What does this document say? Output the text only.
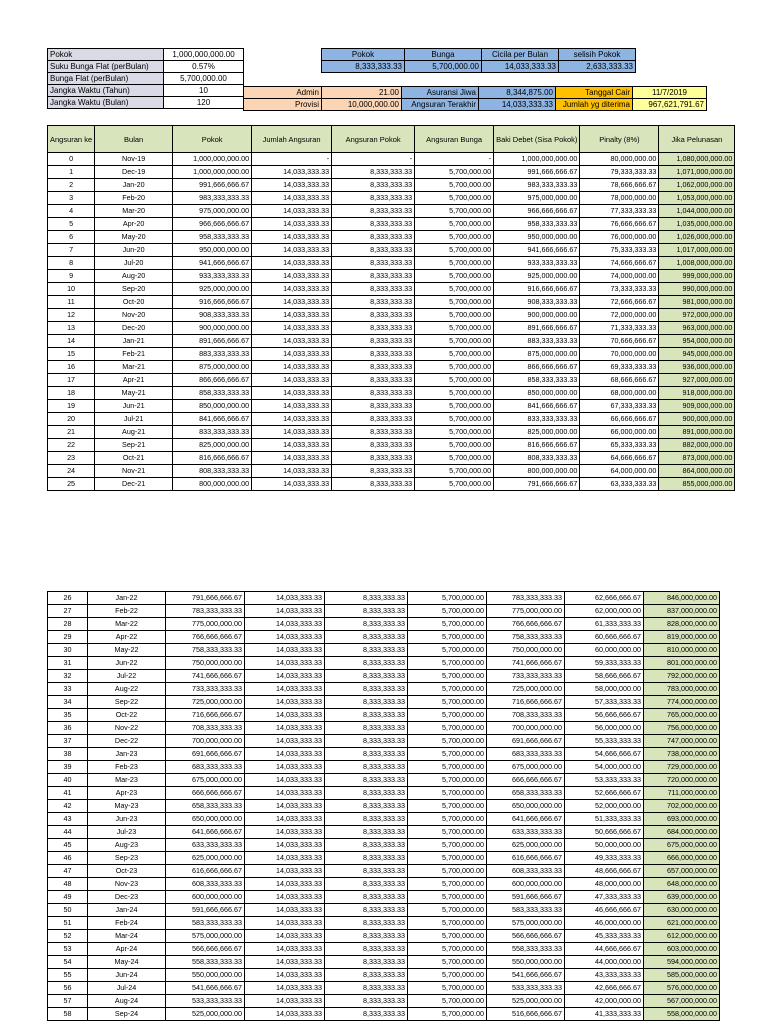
Pokok	1,000,000,000.00
Suku Bunga Flat (perBulan)	0.57%
Bunga Flat (perBulan)	5,700,000.00
Jangka Waktu (Tahun)	10
Jangka Waktu (Bulan)	120
Pokok	Bunga	Cicila per Bulan	selisih Pokok
8,333,333.33	5,700,000.00	14,033,333.33	2,633,333.33
Admin	21.00	Asuransi Jiwa	8,344,875.00	Tanggal Cair	11/7/2019
Provisi	10,000,000.00	Angsuran Terakhir	14,033,333.33	Jumlah yg diterima	967,621,791.67
Angsuran ke	Bulan	Pokok	Jumlah Angsuran	Angsuran Pokok	Angsuran Bunga	Baki Debet (Sisa Pokok)	Pinalty (8%)	Jika Pelunasan
0	Nov-19	1,000,000,000.00	-	-	-	1,000,000,000.00	80,000,000.00	1,080,000,000.00
1	Dec-19	1,000,000,000.00	14,033,333.33	8,333,333.33	5,700,000.00	991,666,666.67	79,333,333.33	1,071,000,000.00
2	Jan-20	991,666,666.67	14,033,333.33	8,333,333.33	5,700,000.00	983,333,333.33	78,666,666.67	1,062,000,000.00
3	Feb-20	983,333,333.33	14,033,333.33	8,333,333.33	5,700,000.00	975,000,000.00	78,000,000.00	1,053,000,000.00
4	Mar-20	975,000,000.00	14,033,333.33	8,333,333.33	5,700,000.00	966,666,666.67	77,333,333.33	1,044,000,000.00
5	Apr-20	966,666,666.67	14,033,333.33	8,333,333.33	5,700,000.00	958,333,333.33	76,666,666.67	1,035,000,000.00
6	May-20	958,333,333.33	14,033,333.33	8,333,333.33	5,700,000.00	950,000,000.00	76,000,000.00	1,026,000,000.00
7	Jun-20	950,000,000.00	14,033,333.33	8,333,333.33	5,700,000.00	941,666,666.67	75,333,333.33	1,017,000,000.00
8	Jul-20	941,666,666.67	14,033,333.33	8,333,333.33	5,700,000.00	933,333,333.33	74,666,666.67	1,008,000,000.00
9	Aug-20	933,333,333.33	14,033,333.33	8,333,333.33	5,700,000.00	925,000,000.00	74,000,000.00	999,000,000.00
10	Sep-20	925,000,000.00	14,033,333.33	8,333,333.33	5,700,000.00	916,666,666.67	73,333,333.33	990,000,000.00
11	Oct-20	916,666,666.67	14,033,333.33	8,333,333.33	5,700,000.00	908,333,333.33	72,666,666.67	981,000,000.00
12	Nov-20	908,333,333.33	14,033,333.33	8,333,333.33	5,700,000.00	900,000,000.00	72,000,000.00	972,000,000.00
13	Dec-20	900,000,000.00	14,033,333.33	8,333,333.33	5,700,000.00	891,666,666.67	71,333,333.33	963,000,000.00
14	Jan-21	891,666,666.67	14,033,333.33	8,333,333.33	5,700,000.00	883,333,333.33	70,666,666.67	954,000,000.00
15	Feb-21	883,333,333.33	14,033,333.33	8,333,333.33	5,700,000.00	875,000,000.00	70,000,000.00	945,000,000.00
16	Mar-21	875,000,000.00	14,033,333.33	8,333,333.33	5,700,000.00	866,666,666.67	69,333,333.33	936,000,000.00
17	Apr-21	866,666,666.67	14,033,333.33	8,333,333.33	5,700,000.00	858,333,333.33	68,666,666.67	927,000,000.00
18	May-21	858,333,333.33	14,033,333.33	8,333,333.33	5,700,000.00	850,000,000.00	68,000,000.00	918,000,000.00
19	Jun-21	850,000,000.00	14,033,333.33	8,333,333.33	5,700,000.00	841,666,666.67	67,333,333.33	909,000,000.00
20	Jul-21	841,666,666.67	14,033,333.33	8,333,333.33	5,700,000.00	833,333,333.33	66,666,666.67	900,000,000.00
21	Aug-21	833,333,333.33	14,033,333.33	8,333,333.33	5,700,000.00	825,000,000.00	66,000,000.00	891,000,000.00
22	Sep-21	825,000,000.00	14,033,333.33	8,333,333.33	5,700,000.00	816,666,666.67	65,333,333.33	882,000,000.00
23	Oct-21	816,666,666.67	14,033,333.33	8,333,333.33	5,700,000.00	808,333,333.33	64,666,666.67	873,000,000.00
24	Nov-21	808,333,333.33	14,033,333.33	8,333,333.33	5,700,000.00	800,000,000.00	64,000,000.00	864,000,000.00
25	Dec-21	800,000,000.00	14,033,333.33	8,333,333.33	5,700,000.00	791,666,666.67	63,333,333.33	855,000,000.00
26	Jan-22	791,666,666.67	14,033,333.33	8,333,333.33	5,700,000.00	783,333,333.33	62,666,666.67	846,000,000.00
27	Feb-22	783,333,333.33	14,033,333.33	8,333,333.33	5,700,000.00	775,000,000.00	62,000,000.00	837,000,000.00
28	Mar-22	775,000,000.00	14,033,333.33	8,333,333.33	5,700,000.00	766,666,666.67	61,333,333.33	828,000,000.00
29	Apr-22	766,666,666.67	14,033,333.33	8,333,333.33	5,700,000.00	758,333,333.33	60,666,666.67	819,000,000.00
30	May-22	758,333,333.33	14,033,333.33	8,333,333.33	5,700,000.00	750,000,000.00	60,000,000.00	810,000,000.00
31	Jun-22	750,000,000.00	14,033,333.33	8,333,333.33	5,700,000.00	741,666,666.67	59,333,333.33	801,000,000.00
32	Jul-22	741,666,666.67	14,033,333.33	8,333,333.33	5,700,000.00	733,333,333.33	58,666,666.67	792,000,000.00
33	Aug-22	733,333,333.33	14,033,333.33	8,333,333.33	5,700,000.00	725,000,000.00	58,000,000.00	783,000,000.00
34	Sep-22	725,000,000.00	14,033,333.33	8,333,333.33	5,700,000.00	716,666,666.67	57,333,333.33	774,000,000.00
35	Oct-22	716,666,666.67	14,033,333.33	8,333,333.33	5,700,000.00	708,333,333.33	56,666,666.67	765,000,000.00
36	Nov-22	708,333,333.33	14,033,333.33	8,333,333.33	5,700,000.00	700,000,000.00	56,000,000.00	756,000,000.00
37	Dec-22	700,000,000.00	14,033,333.33	8,333,333.33	5,700,000.00	691,666,666.67	55,333,333.33	747,000,000.00
38	Jan-23	691,666,666.67	14,033,333.33	8,333,333.33	5,700,000.00	683,333,333.33	54,666,666.67	738,000,000.00
39	Feb-23	683,333,333.33	14,033,333.33	8,333,333.33	5,700,000.00	675,000,000.00	54,000,000.00	729,000,000.00
40	Mar-23	675,000,000.00	14,033,333.33	8,333,333.33	5,700,000.00	666,666,666.67	53,333,333.33	720,000,000.00
41	Apr-23	666,666,666.67	14,033,333.33	8,333,333.33	5,700,000.00	658,333,333.33	52,666,666.67	711,000,000.00
42	May-23	658,333,333.33	14,033,333.33	8,333,333.33	5,700,000.00	650,000,000.00	52,000,000.00	702,000,000.00
43	Jun-23	650,000,000.00	14,033,333.33	8,333,333.33	5,700,000.00	641,666,666.67	51,333,333.33	693,000,000.00
44	Jul-23	641,666,666.67	14,033,333.33	8,333,333.33	5,700,000.00	633,333,333.33	50,666,666.67	684,000,000.00
45	Aug-23	633,333,333.33	14,033,333.33	8,333,333.33	5,700,000.00	625,000,000.00	50,000,000.00	675,000,000.00
46	Sep-23	625,000,000.00	14,033,333.33	8,333,333.33	5,700,000.00	616,666,666.67	49,333,333.33	666,000,000.00
47	Oct-23	616,666,666.67	14,033,333.33	8,333,333.33	5,700,000.00	608,333,333.33	48,666,666.67	657,000,000.00
48	Nov-23	608,333,333.33	14,033,333.33	8,333,333.33	5,700,000.00	600,000,000.00	48,000,000.00	648,000,000.00
49	Dec-23	600,000,000.00	14,033,333.33	8,333,333.33	5,700,000.00	591,666,666.67	47,333,333.33	639,000,000.00
50	Jan-24	591,666,666.67	14,033,333.33	8,333,333.33	5,700,000.00	583,333,333.33	46,666,666.67	630,000,000.00
51	Feb-24	583,333,333.33	14,033,333.33	8,333,333.33	5,700,000.00	575,000,000.00	46,000,000.00	621,000,000.00
52	Mar-24	575,000,000.00	14,033,333.33	8,333,333.33	5,700,000.00	566,666,666.67	45,333,333.33	612,000,000.00
53	Apr-24	566,666,666.67	14,033,333.33	8,333,333.33	5,700,000.00	558,333,333.33	44,666,666.67	603,000,000.00
54	May-24	558,333,333.33	14,033,333.33	8,333,333.33	5,700,000.00	550,000,000.00	44,000,000.00	594,000,000.00
55	Jun-24	550,000,000.00	14,033,333.33	8,333,333.33	5,700,000.00	541,666,666.67	43,333,333.33	585,000,000.00
56	Jul-24	541,666,666.67	14,033,333.33	8,333,333.33	5,700,000.00	533,333,333.33	42,666,666.67	576,000,000.00
57	Aug-24	533,333,333.33	14,033,333.33	8,333,333.33	5,700,000.00	525,000,000.00	42,000,000.00	567,000,000.00
58	Sep-24	525,000,000.00	14,033,333.33	8,333,333.33	5,700,000.00	516,666,666.67	41,333,333.33	558,000,000.00
